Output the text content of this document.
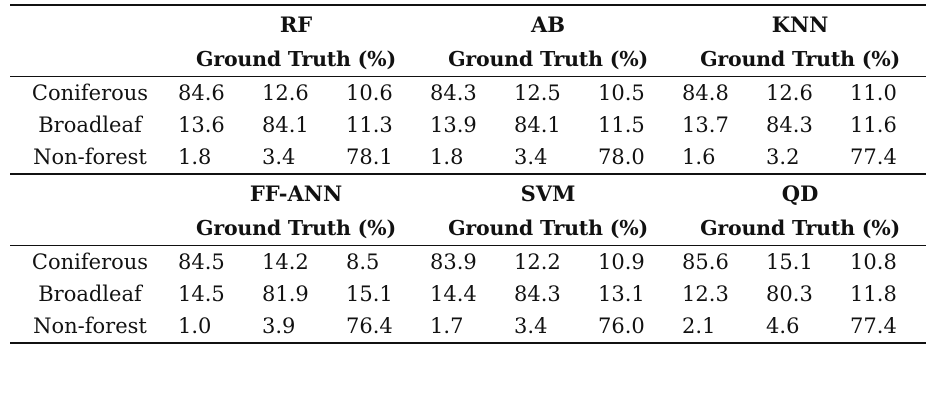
	RF			AB			KNN		
	Ground Truth (%)			Ground Truth (%)			Ground Truth (%)		
Coniferous	84.6	12.6	10.6	84.3	12.5	10.5	84.8	12.6	11.0
Broadleaf	13.6	84.1	11.3	13.9	84.1	11.5	13.7	84.3	11.6
Non-forest	1.8	3.4	78.1	1.8	3.4	78.0	1.6	3.2	77.4
	FF-ANN			SVM			QD		
	Ground Truth (%)			Ground Truth (%)			Ground Truth (%)		
Coniferous	84.5	14.2	8.5	83.9	12.2	10.9	85.6	15.1	10.8
Broadleaf	14.5	81.9	15.1	14.4	84.3	13.1	12.3	80.3	11.8
Non-forest	1.0	3.9	76.4	1.7	3.4	76.0	2.1	4.6	77.4
